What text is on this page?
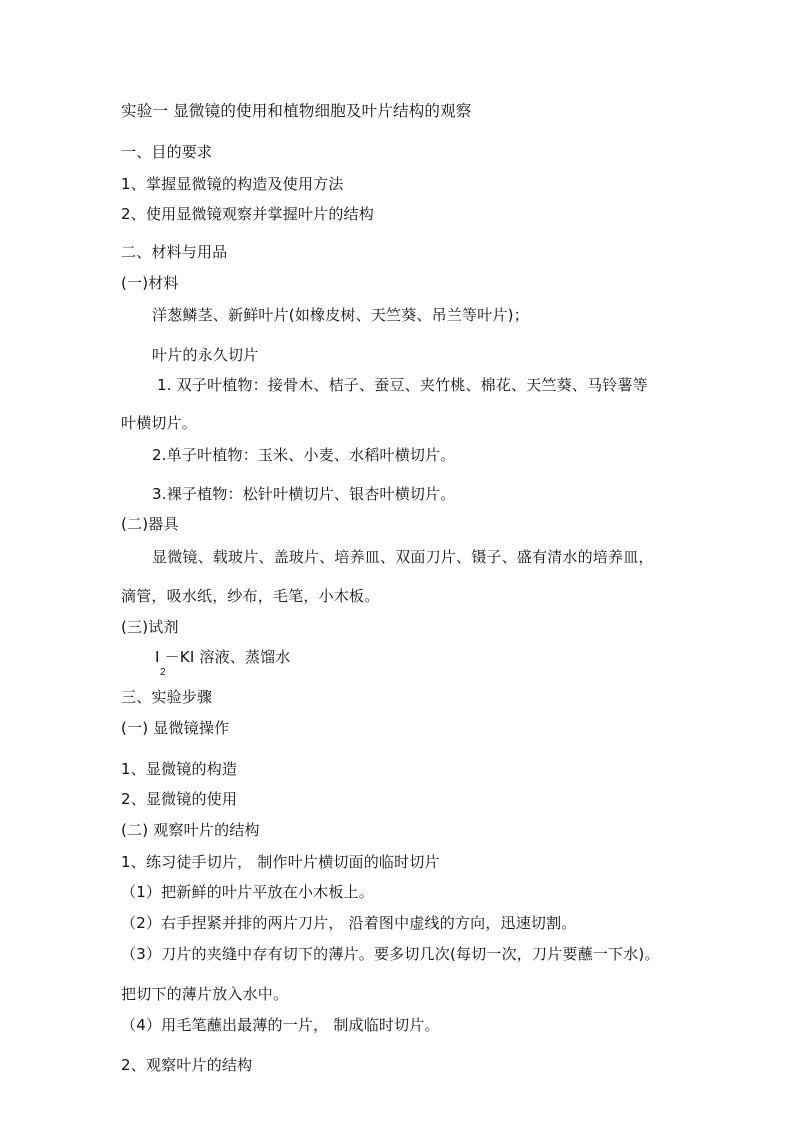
实验一 显微镜的使用和植物细胞及叶片结构的观察
一、目的要求
1、掌握显微镜的构造及使用方法
2、使用显微镜观察并掌握叶片的结构
二、材料与用品
(一)材料
洋葱鳞茎、新鲜叶片(如橡皮树、天竺葵、吊兰等叶片)；
叶片的永久切片
1. 双子叶植物：接骨木、桔子、蚕豆、夹竹桃、棉花、天竺葵、马铃薯等
叶横切片。
2.单子叶植物：玉米、小麦、水稻叶横切片。
3.裸子植物：松针叶横切片、银杏叶横切片。
(二)器具
显微镜、载玻片、盖玻片、培养皿、双面刀片、镊子、盛有清水的培养皿，
滴管，吸水纸，纱布，毛笔，小木板。
(三)试剂
I －KI 溶液、蒸馏水
2
三、实验步骤
(一) 显微镜操作
1、显微镜的构造
2、显微镜的使用
(二) 观察叶片的结构
1、练习徒手切片， 制作叶片横切面的临时切片
（1）把新鲜的叶片平放在小木板上。
（2）右手捏紧并排的两片刀片， 沿着图中虚线的方向，迅速切割。
（3）刀片的夹缝中存有切下的薄片。要多切几次(每切一次，刀片要蘸一下水)。
把切下的薄片放入水中。
（4）用毛笔蘸出最薄的一片， 制成临时切片。
2、观察叶片的结构
